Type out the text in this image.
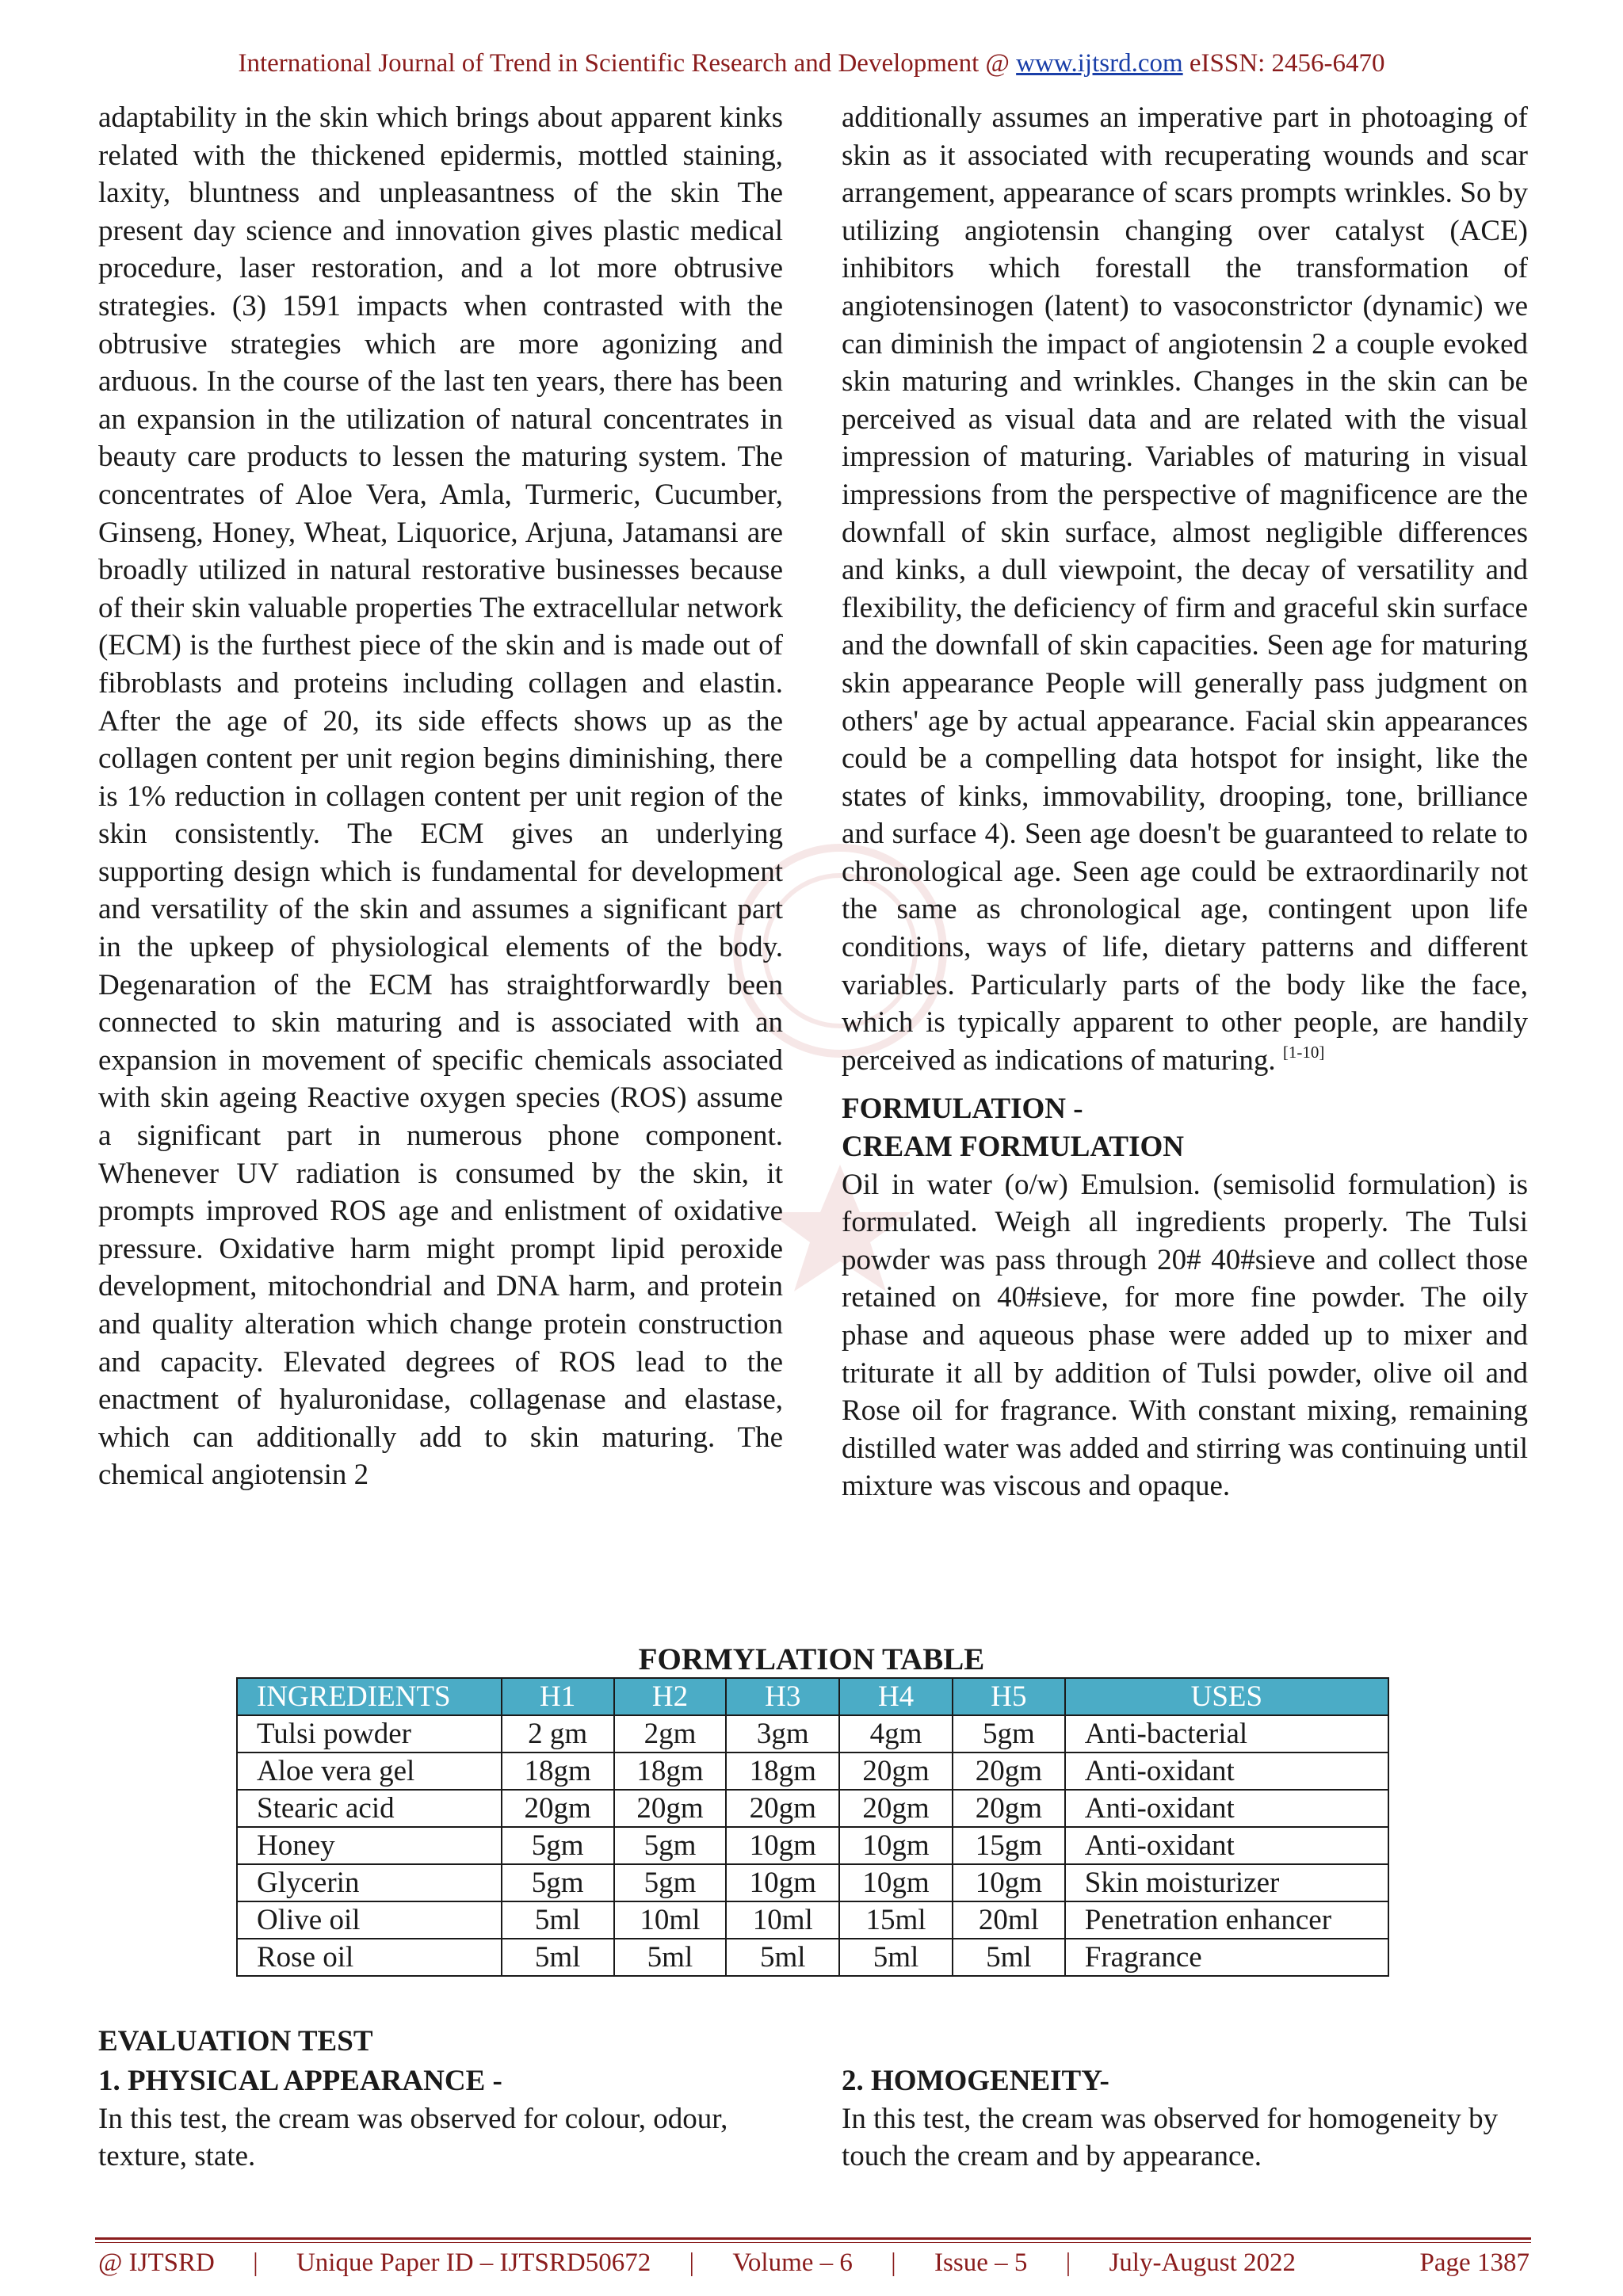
International Journal of Trend in Scientific Research and Development @ www.ijtsrd.com eISSN: 2456-6470

adaptability in the skin which brings about apparent kinks related with the thickened epidermis, mottled staining, laxity, bluntness and unpleasantness of the skin The present day science and innovation gives plastic medical procedure, laser restoration, and a lot more obtrusive strategies. (3) 1591 impacts when contrasted with the obtrusive strategies which are more agonizing and arduous. In the course of the last ten years, there has been an expansion in the utilization of natural concentrates in beauty care products to lessen the maturing system. The concentrates of Aloe Vera, Amla, Turmeric, Cucumber, Ginseng, Honey, Wheat, Liquorice, Arjuna, Jatamansi are broadly utilized in natural restorative businesses because of their skin valuable properties The extracellular network (ECM) is the furthest piece of the skin and is made out of fibroblasts and proteins including collagen and elastin. After the age of 20, its side effects shows up as the collagen content per unit region begins diminishing, there is 1% reduction in collagen content per unit region of the skin consistently. The ECM gives an underlying supporting design which is fundamental for development and versatility of the skin and assumes a significant part in the upkeep of physiological elements of the body. Degenaration of the ECM has straightforwardly been connected to skin maturing and is associated with an expansion in movement of specific chemicals associated with skin ageing Reactive oxygen species (ROS) assume a significant part in numerous phone component. Whenever UV radiation is consumed by the skin, it prompts improved ROS age and enlistment of oxidative pressure. Oxidative harm might prompt lipid peroxide development, mitochondrial and DNA harm, and protein and quality alteration which change protein construction and capacity. Elevated degrees of ROS lead to the enactment of hyaluronidase, collagenase and elastase, which can additionally add to skin maturing. The chemical angiotensin 2

additionally assumes an imperative part in photoaging of skin as it associated with recuperating wounds and scar arrangement, appearance of scars prompts wrinkles. So by utilizing angiotensin changing over catalyst (ACE) inhibitors which forestall the transformation of angiotensinogen (latent) to vasoconstrictor (dynamic) we can diminish the impact of angiotensin 2 a couple evoked skin maturing and wrinkles. Changes in the skin can be perceived as visual data and are related with the visual impression of maturing. Variables of maturing in visual impressions from the perspective of magnificence are the downfall of skin surface, almost negligible differences and kinks, a dull viewpoint, the decay of versatility and flexibility, the deficiency of firm and graceful skin surface and the downfall of skin capacities. Seen age for maturing skin appearance People will generally pass judgment on others' age by actual appearance. Facial skin appearances could be a compelling data hotspot for insight, like the states of kinks, immovability, drooping, tone, brilliance and surface 4). Seen age doesn't be guaranteed to relate to chronological age. Seen age could be extraordinarily not the same as chronological age, contingent upon life conditions, ways of life, dietary patterns and different variables. Particularly parts of the body like the face, which is typically apparent to other people, are handily perceived as indications of maturing. [1-10]

FORMULATION -

CREAM FORMULATION

Oil in water (o/w) Emulsion. (semisolid formulation) is formulated. Weigh all ingredients properly. The Tulsi powder was pass through 20# 40#sieve and collect those retained on 40#sieve, for more fine powder. The oily phase and aqueous phase were added up to mixer and triturate it all by addition of Tulsi powder, olive oil and Rose oil for fragrance. With constant mixing, remaining distilled water was added and stirring was continuing until mixture was viscous and opaque.

FORMYLATION TABLE
INGREDIENTS	H1	H2	H3	H4	H5	USES
Tulsi powder	2 gm	2gm	3gm	4gm	5gm	Anti-bacterial
Aloe vera gel	18gm	18gm	18gm	20gm	20gm	Anti-oxidant
Stearic acid	20gm	20gm	20gm	20gm	20gm	Anti-oxidant
Honey	5gm	5gm	10gm	10gm	15gm	Anti-oxidant
Glycerin	5gm	5gm	10gm	10gm	10gm	Skin moisturizer
Olive oil	5ml	10ml	10ml	15ml	20ml	Penetration enhancer
Rose oil	5ml	5ml	5ml	5ml	5ml	Fragrance
EVALUATION TEST
1. PHYSICAL APPEARANCE -
In this test, the cream was observed for colour, odour, texture, state.
2. HOMOGENEITY-
In this test, the cream was observed for homogeneity by touch the cream and by appearance.
@ IJTSRD | Unique Paper ID – IJTSRD50672 | Volume – 6 | Issue – 5 | July-August 2022	Page 1387
